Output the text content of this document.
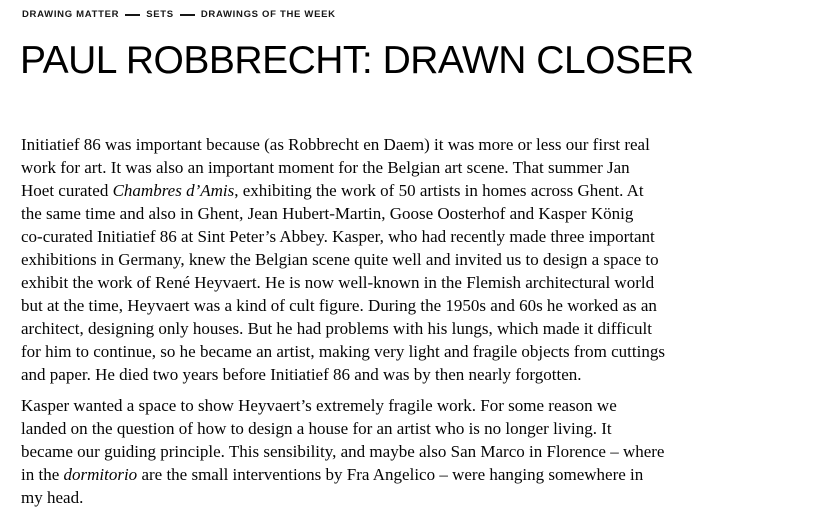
DRAWING MATTER	SETS	DRAWINGS OF THE WEEK
PAUL ROBBRECHT: DRAWN CLOSER

Initiatief 86 was important because (as Robbrecht en Daem) it was more or less our first real
work for art. It was also an important moment for the Belgian art scene. That summer Jan
Hoet curated Chambres d’Amis, exhibiting the work of 50 artists in homes across Ghent. At
the same time and also in Ghent, Jean Hubert-Martin, Goose Oosterhof and Kasper König
co-curated Initiatief 86 at Sint Peter’s Abbey. Kasper, who had recently made three important
exhibitions in Germany, knew the Belgian scene quite well and invited us to design a space to
exhibit the work of René Heyvaert. He is now well-known in the Flemish architectural world
but at the time, Heyvaert was a kind of cult figure. During the 1950s and 60s he worked as an
architect, designing only houses. But he had problems with his lungs, which made it difficult
for him to continue, so he became an artist, making very light and fragile objects from cuttings
and paper. He died two years before Initiatief 86 and was by then nearly forgotten.

Kasper wanted a space to show Heyvaert’s extremely fragile work. For some reason we
landed on the question of how to design a house for an artist who is no longer living. It
became our guiding principle. This sensibility, and maybe also San Marco in Florence – where
in the dormitorio are the small interventions by Fra Angelico – were hanging somewhere in
my head.
